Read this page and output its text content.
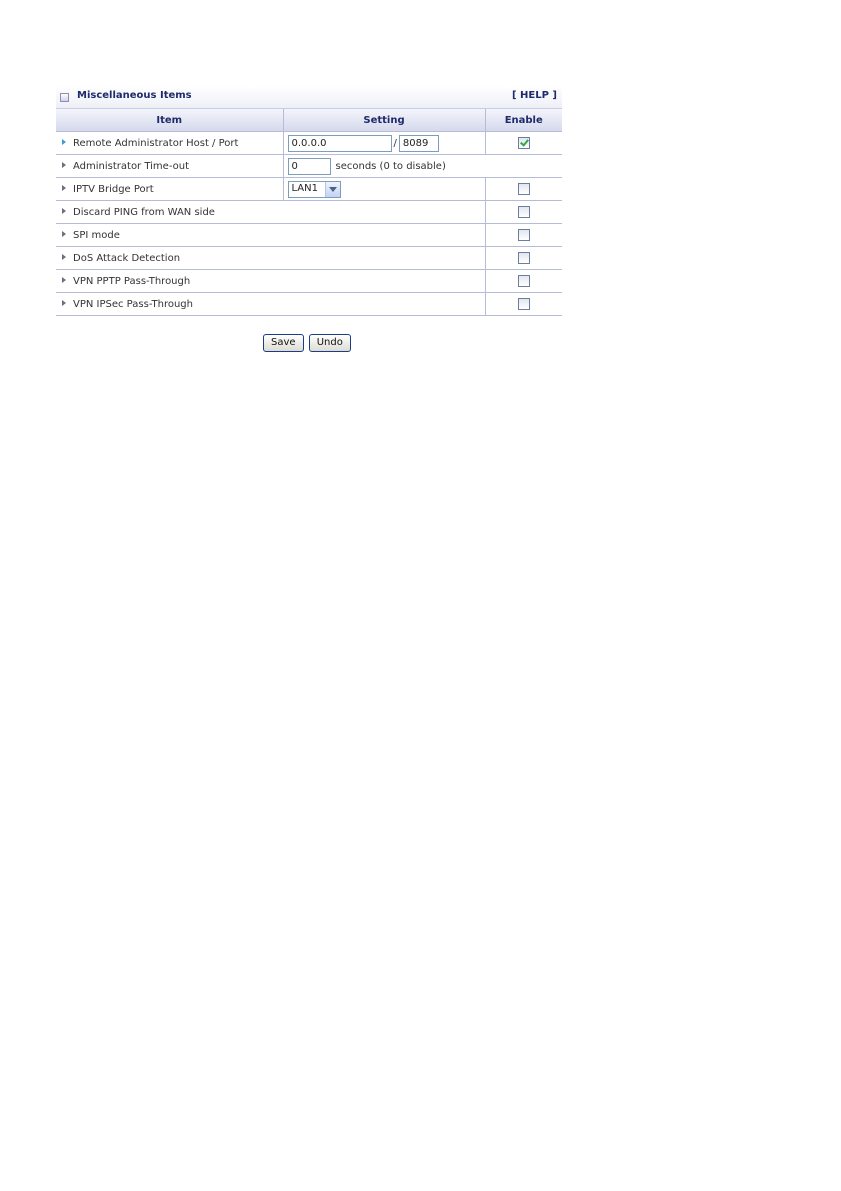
Miscellaneous Items	[ HELP ]
Item	Setting	Enable
Remote Administrator Host / Port	0.0.0.0/8089	
Administrator Time-out	0seconds (0 to disable)
IPTV Bridge Port	LAN1	

Discard PING from WAN side		
SPI mode		
DoS Attack Detection		
VPN PPTP Pass-Through		
VPN IPSec Pass-Through		
Save Undo
